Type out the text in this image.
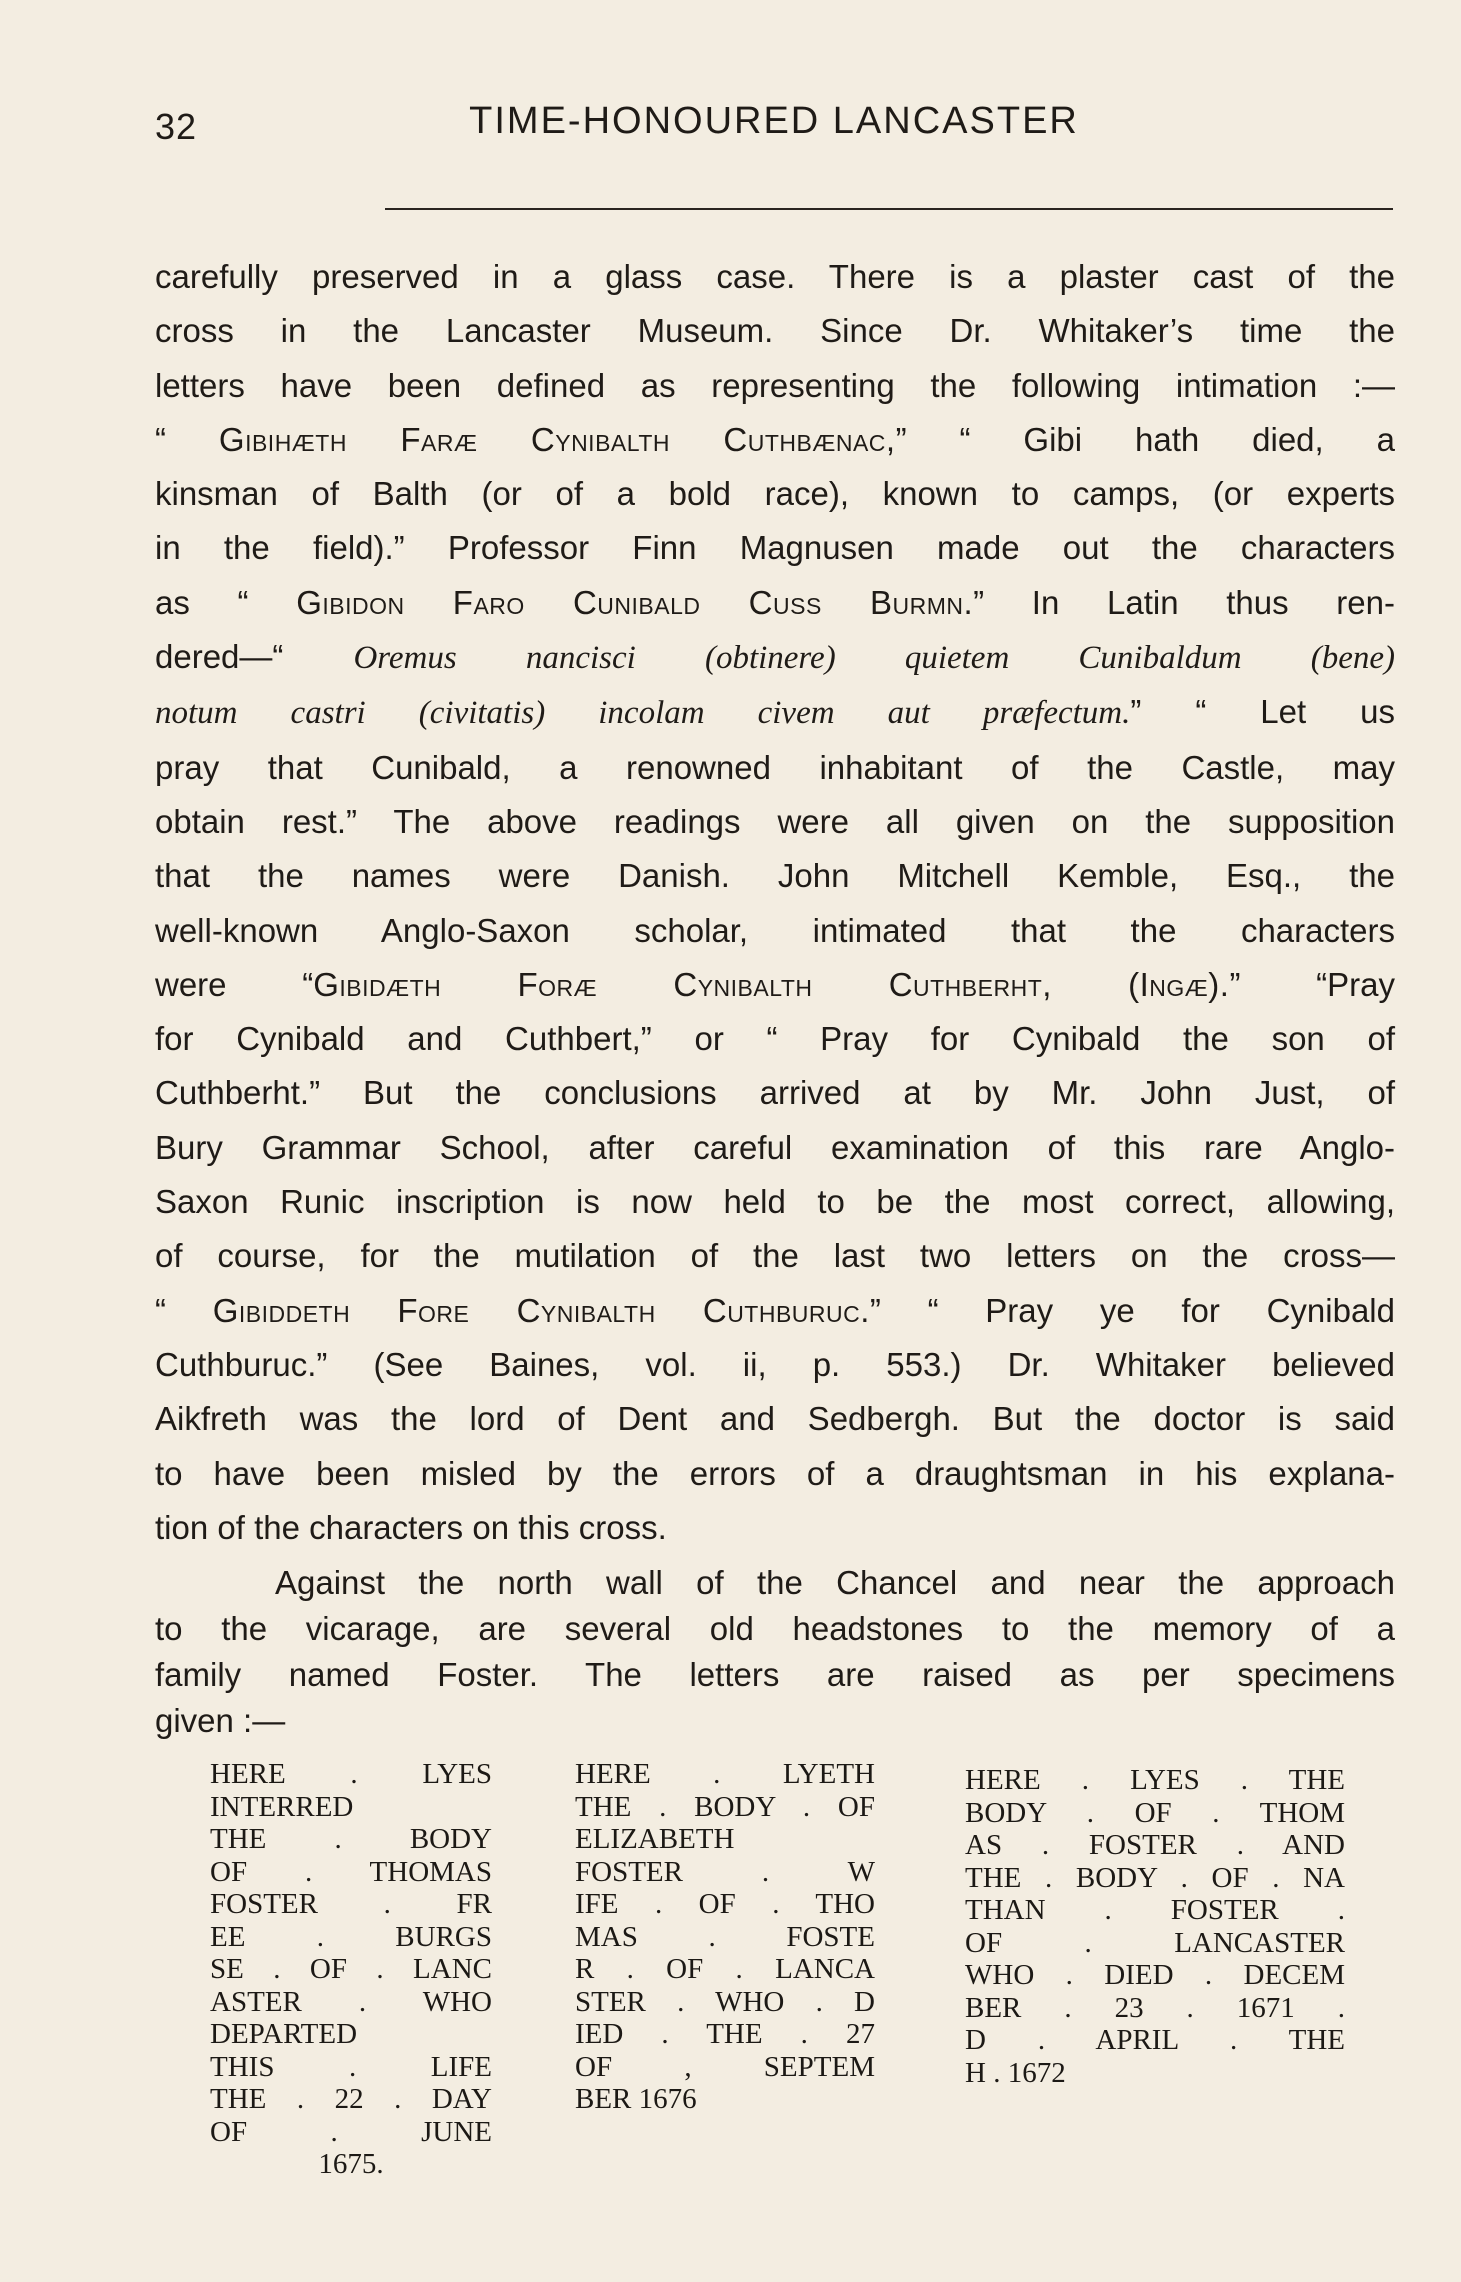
32	TIME-HONOURED LANCASTER
carefully preserved in a glass case. There is a plaster cast of the
cross in the Lancaster Museum. Since Dr. Whitaker’s time the
letters have been defined as representing the following intimation :—
“ Gibihæth Faræ Cynibalth Cuthbænac,” “ Gibi hath died, a
kinsman of Balth (or of a bold race), known to camps, (or experts
in the field).” Professor Finn Magnusen made out the characters
as “ Gibidon Faro Cunibald Cuss Burmn.” In Latin thus ren-
dered—“ Oremus nancisci (obtinere) quietem Cunibaldum (bene)
notum castri (civitatis) incolam civem aut præfectum.” “ Let us
pray that Cunibald, a renowned inhabitant of the Castle, may
obtain rest.” The above readings were all given on the supposition
that the names were Danish. John Mitchell Kemble, Esq., the
well-known Anglo-Saxon scholar, intimated that the characters
were “Gibidæth Foræ Cynibalth Cuthberht, (Ingæ).” “Pray
for Cynibald and Cuthbert,” or “ Pray for Cynibald the son of
Cuthberht.” But the conclusions arrived at by Mr. John Just, of
Bury Grammar School, after careful examination of this rare Anglo-
Saxon Runic inscription is now held to be the most correct, allowing,
of course, for the mutilation of the last two letters on the cross—
“ Gibiddeth Fore Cynibalth Cuthburuc.” “ Pray ye for Cynibald
Cuthburuc.” (See Baines, vol. ii, p. 553.) Dr. Whitaker believed
Aikfreth was the lord of Dent and Sedbergh. But the doctor is said
to have been misled by the errors of a draughtsman in his explana-
tion of the characters on this cross.
Against the north wall of the Chancel and near the approach
to the vicarage, are several old headstones to the memory of a
family named Foster. The letters are raised as per specimens
given :—
HERE . LYES
INTERRED
THE . BODY
OF . THOMAS
FOSTER . FR
EE . BURGS
SE . OF . LANC
ASTER . WHO
DEPARTED
THIS . LIFE
THE . 22 . DAY
OF . JUNE
1675.
HERE . LYETH
THE . BODY . OF
ELIZABETH
FOSTER . W
IFE . OF . THO
MAS . FOSTE
R . OF . LANCA
STER . WHO . D
IED . THE . 27
OF , SEPTEM
BER 1676
HERE . LYES . THE
BODY . OF . THOM
AS . FOSTER . AND
THE . BODY . OF . NA
THAN . FOSTER .
OF . LANCASTER
WHO . DIED . DECEM
BER . 23 . 1671 .
D . APRIL . THE
H . 1672
